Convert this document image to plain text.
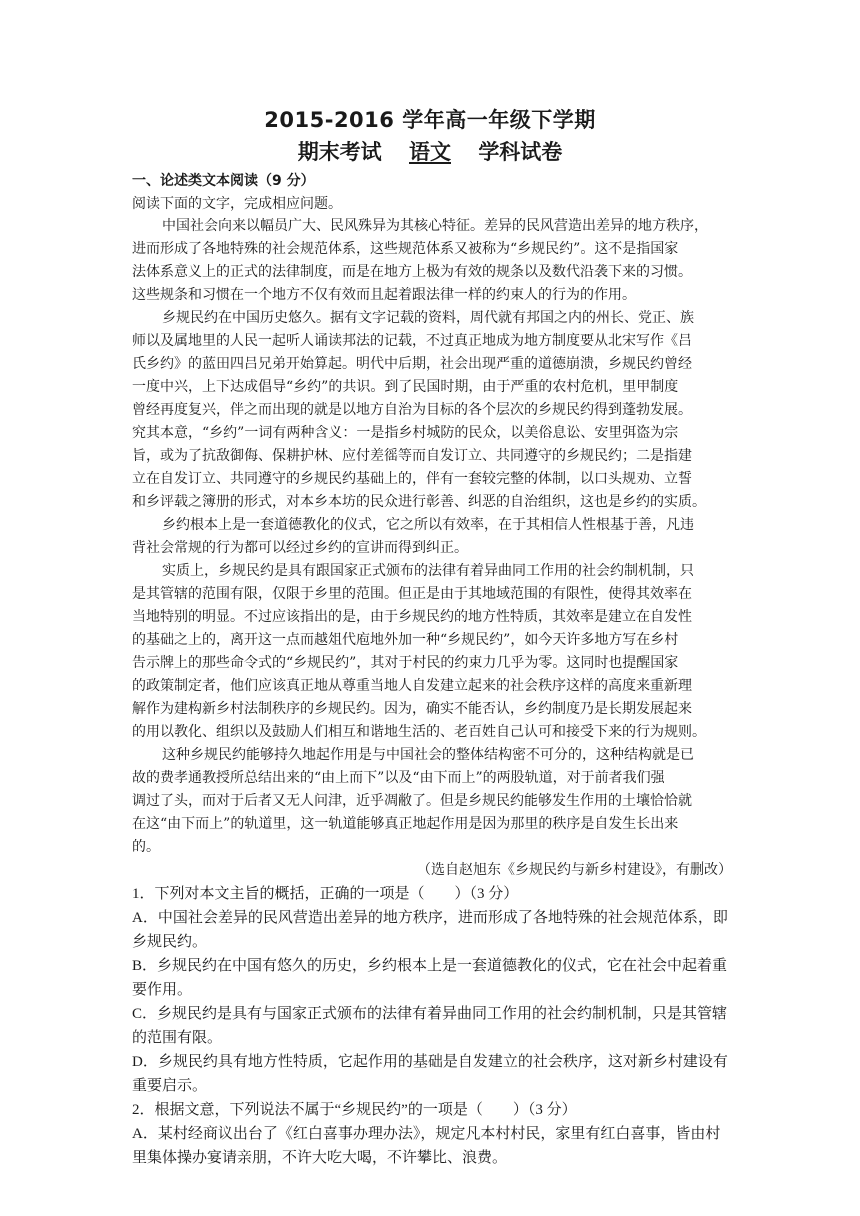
2015-2016 学年高一年级下学期
期末考试 语文 学科试卷
一、论述类文本阅读（9 分）
阅读下面的文字，完成相应问题。
中国社会向来以幅员广大、民风殊异为其核心特征。差异的民风营造出差异的地方秩序，
进而形成了各地特殊的社会规范体系，这些规范体系又被称为“乡规民约”。这不是指国家
法体系意义上的正式的法律制度，而是在地方上极为有效的规条以及数代沿袭下来的习惯。
这些规条和习惯在一个地方不仅有效而且起着跟法律一样的约束人的行为的作用。
乡规民约在中国历史悠久。据有文字记载的资料，周代就有邦国之内的州长、党正、族
师以及属地里的人民一起听人诵读邦法的记载，不过真正地成为地方制度要从北宋写作《吕
氏乡约》的蓝田四吕兄弟开始算起。明代中后期，社会出现严重的道德崩溃，乡规民约曾经
一度中兴，上下达成倡导“乡约”的共识。到了民国时期，由于严重的农村危机，里甲制度
曾经再度复兴，伴之而出现的就是以地方自治为目标的各个层次的乡规民约得到蓬勃发展。
究其本意，“乡约”一词有两种含义：一是指乡村城防的民众，以美俗息讼、安里弭盗为宗
旨，或为了抗敌御侮、保耕护林、应付差徭等而自发订立、共同遵守的乡规民约；二是指建
立在自发订立、共同遵守的乡规民约基础上的，伴有一套较完整的体制，以口头规劝、立誓
和乡评载之簿册的形式，对本乡本坊的民众进行彰善、纠恶的自治组织，这也是乡约的实质。
乡约根本上是一套道德教化的仪式，它之所以有效率，在于其相信人性根基于善，凡违
背社会常规的行为都可以经过乡约的宣讲而得到纠正。
实质上，乡规民约是具有跟国家正式颁布的法律有着异曲同工作用的社会约制机制，只
是其管辖的范围有限，仅限于乡里的范围。但正是由于其地域范围的有限性，使得其效率在
当地特别的明显。不过应该指出的是，由于乡规民约的地方性特质，其效率是建立在自发性
的基础之上的，离开这一点而越俎代庖地外加一种“乡规民约”，如今天许多地方写在乡村
告示牌上的那些命令式的“乡规民约”，其对于村民的约束力几乎为零。这同时也提醒国家
的政策制定者，他们应该真正地从尊重当地人自发建立起来的社会秩序这样的高度来重新理
解作为建构新乡村法制秩序的乡规民约。因为，确实不能否认，乡约制度乃是长期发展起来
的用以教化、组织以及鼓励人们相互和谐地生活的、老百姓自己认可和接受下来的行为规则。
这种乡规民约能够持久地起作用是与中国社会的整体结构密不可分的，这种结构就是已
故的费孝通教授所总结出来的“由上而下”以及“由下而上”的两股轨道，对于前者我们强
调过了头，而对于后者又无人问津，近乎凋敝了。但是乡规民约能够发生作用的土壤恰恰就
在这“由下而上”的轨道里，这一轨道能够真正地起作用是因为那里的秩序是自发生长出来
的。
（选自赵旭东《乡规民约与新乡村建设》，有删改）
1．下列对本文主旨的概括，正确的一项是（　　）（3 分）
A．中国社会差异的民风营造出差异的地方秩序，进而形成了各地特殊的社会规范体系，即
乡规民约。
B．乡规民约在中国有悠久的历史，乡约根本上是一套道德教化的仪式，它在社会中起着重
要作用。
C．乡规民约是具有与国家正式颁布的法律有着异曲同工作用的社会约制机制，只是其管辖
的范围有限。
D．乡规民约具有地方性特质，它起作用的基础是自发建立的社会秩序，这对新乡村建设有
重要启示。
2．根据文意，下列说法不属于“乡规民约”的一项是（　　）（3 分）
A．某村经商议出台了《红白喜事办理办法》，规定凡本村村民，家里有红白喜事，皆由村
里集体操办宴请亲朋，不许大吃大喝，不许攀比、浪费。
